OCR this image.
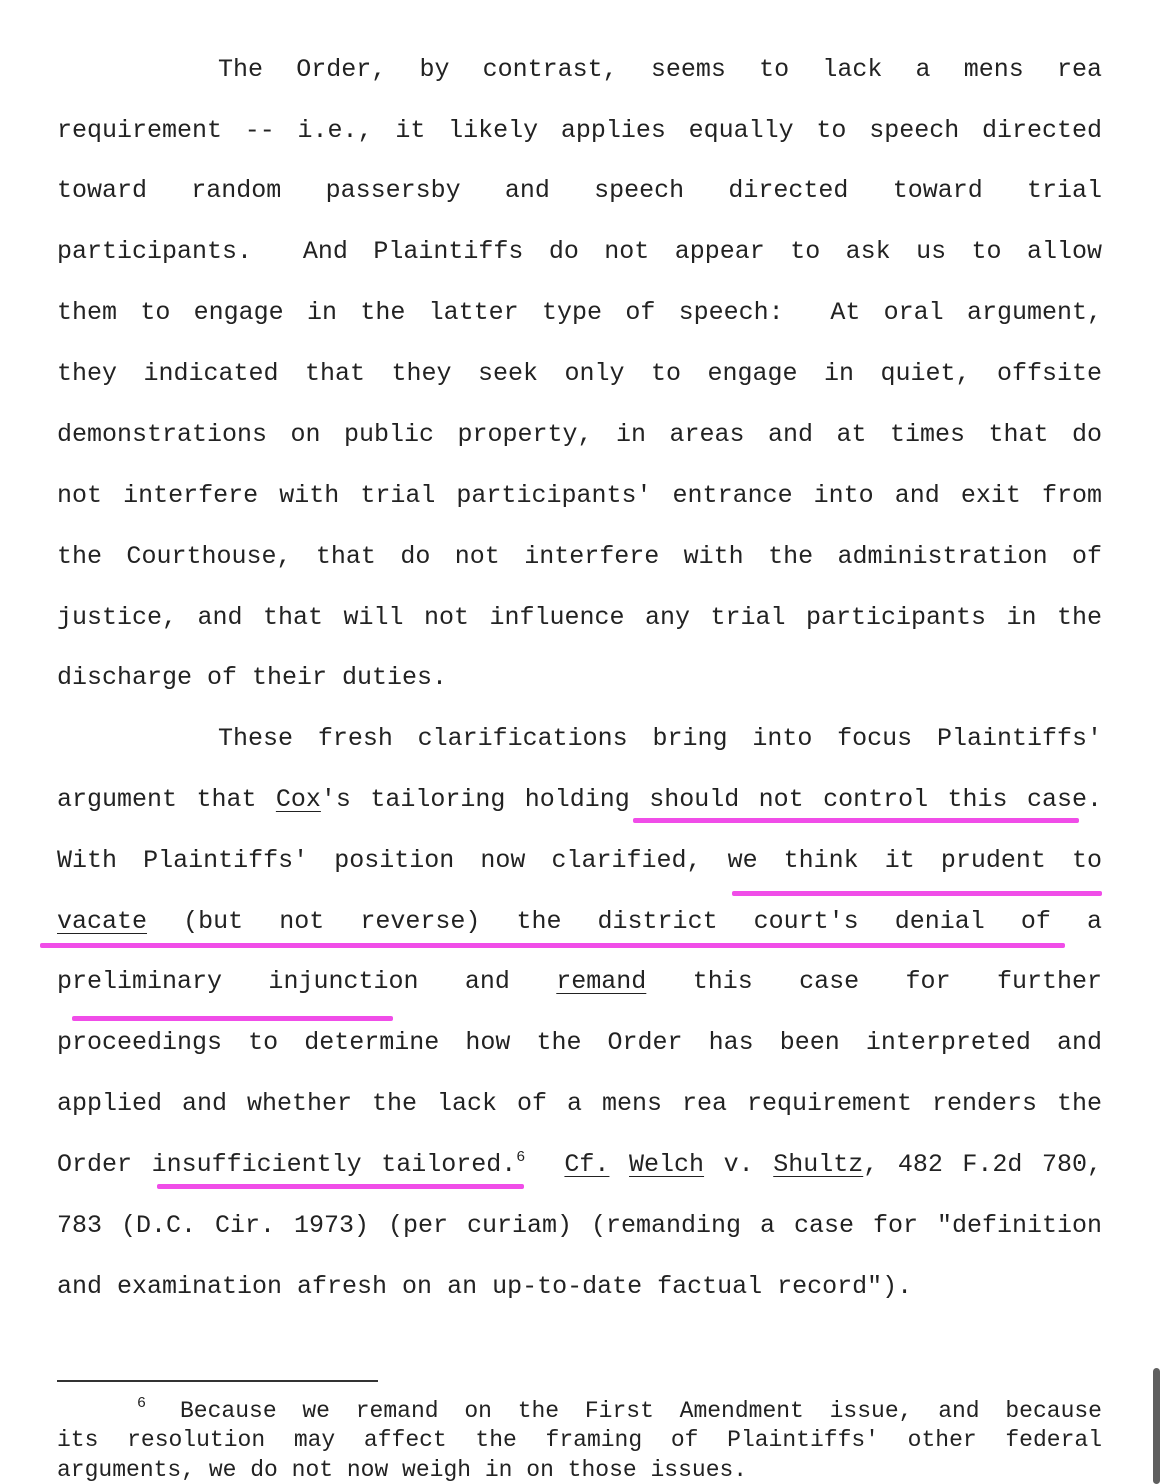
The Order, by contrast, seems to lack a mens rea
requirement -- i.e., it likely applies equally to speech directed
toward random passersby and speech directed toward trial
participants.  And Plaintiffs do not appear to ask us to allow
them to engage in the latter type of speech:  At oral argument,
they indicated that they seek only to engage in quiet, offsite
demonstrations on public property, in areas and at times that do
not interfere with trial participants' entrance into and exit from
the Courthouse, that do not interfere with the administration of
justice, and that will not influence any trial participants in the
discharge of their duties.
These fresh clarifications bring into focus Plaintiffs'
argument that Cox's tailoring holding should not control this case.
With Plaintiffs' position now clarified, we think it prudent to
vacate (but not reverse) the district court's denial of a
preliminary injunction and remand this case for further
proceedings to determine how the Order has been interpreted and
applied and whether the lack of a mens rea requirement renders the
Order insufficiently tailored.$^6$ Cf. Welch v. Shultz, 482 F.2d 780,
783 (D.C. Cir. 1973) (per curiam) (remanding a case for "definition
and examination afresh on an up-to-date factual record").
6 Because we remand on the First Amendment issue, and because
its resolution may affect the framing of Plaintiffs' other federal
arguments, we do not now weigh in on those issues.
